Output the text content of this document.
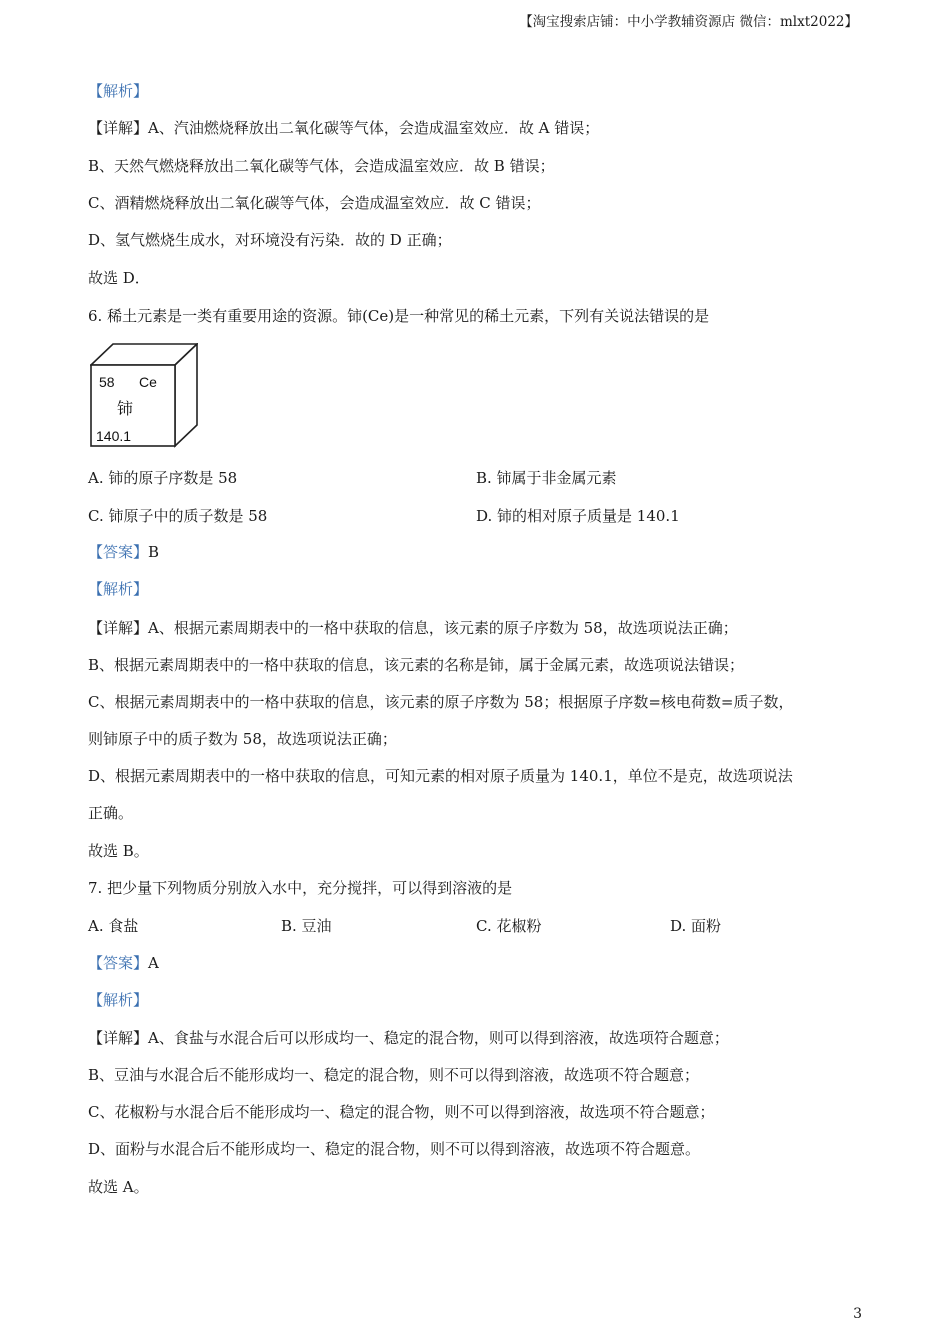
【淘宝搜索店铺：中小学教辅资源店 微信：mlxt2022】
【解析】
【详解】A、汽油燃烧释放出二氧化碳等气体，会造成温室效应．故 A 错误；
B、天然气燃烧释放出二氧化碳等气体，会造成温室效应．故 B 错误；
C、酒精燃烧释放出二氧化碳等气体，会造成温室效应．故 C 错误；
D、氢气燃烧生成水，对环境没有污染．故的 D 正确；
故选 D．
6. 稀土元素是一类有重要用途的资源。铈(Ce)是一种常见的稀土元素，下列有关说法错误的是
58 Ce
铈
140.1
A. 铈的原子序数是 58	B. 铈属于非金属元素
C. 铈原子中的质子数是 58	D. 铈的相对原子质量是 140.1
【答案】B
【解析】
【详解】A、根据元素周期表中的一格中获取的信息，该元素的原子序数为 58，故选项说法正确；
B、根据元素周期表中的一格中获取的信息，该元素的名称是铈，属于金属元素，故选项说法错误；
C、根据元素周期表中的一格中获取的信息，该元素的原子序数为 58；根据原子序数=核电荷数=质子数，
则铈原子中的质子数为 58，故选项说法正确；
D、根据元素周期表中的一格中获取的信息，可知元素的相对原子质量为 140.1，单位不是克，故选项说法
正确。
故选 B。
7. 把少量下列物质分别放入水中，充分搅拌，可以得到溶液的是
A. 食盐	B. 豆油	C. 花椒粉	D. 面粉
【答案】A
【解析】
【详解】A、食盐与水混合后可以形成均一、稳定的混合物，则可以得到溶液，故选项符合题意；
B、豆油与水混合后不能形成均一、稳定的混合物，则不可以得到溶液，故选项不符合题意；
C、花椒粉与水混合后不能形成均一、稳定的混合物，则不可以得到溶液，故选项不符合题意；
D、面粉与水混合后不能形成均一、稳定的混合物，则不可以得到溶液，故选项不符合题意。
故选 A。
3
